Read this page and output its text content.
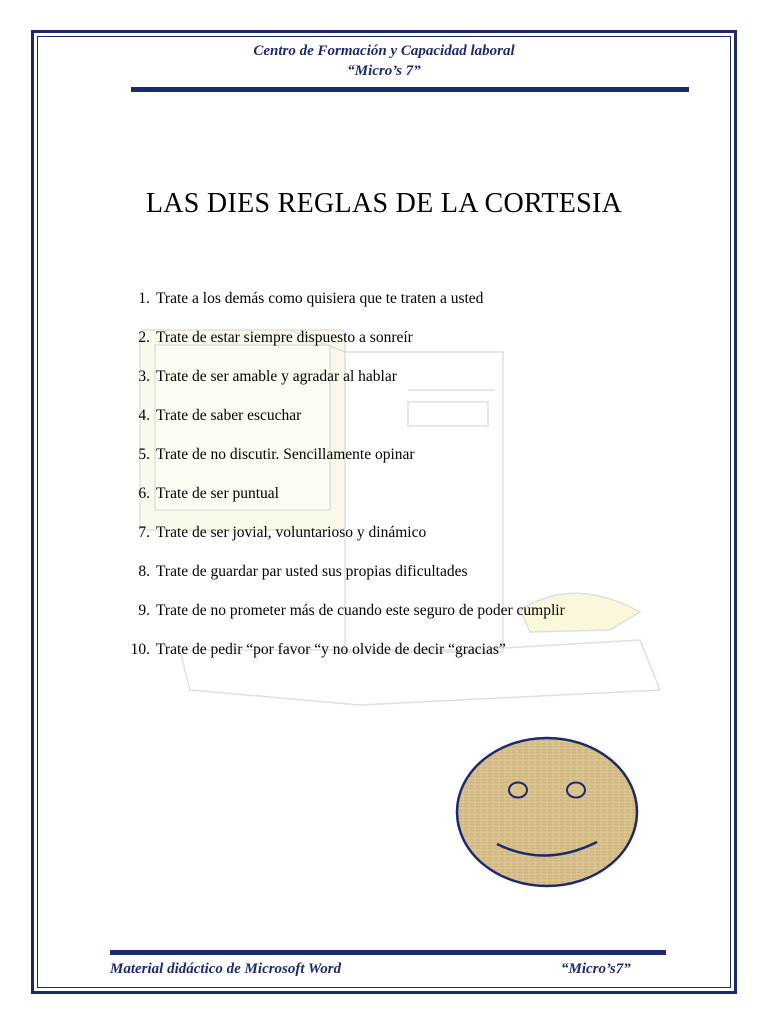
Centro de Formación y Capacidad laboral
“Micro’s 7”
LAS DIES REGLAS DE LA CORTESIA
1. Trate a los demás como quisiera que te traten a usted
2. Trate de estar siempre dispuesto a sonreír
3. Trate de ser amable y agradar al hablar
4. Trate de saber escuchar
5. Trate de no discutir. Sencillamente opinar
6. Trate de ser puntual
7. Trate de ser jovial, voluntarioso y dinámico
8. Trate de guardar par usted sus propias dificultades
9. Trate de no prometer más de cuando este seguro de poder cumplir
10. Trate de pedir “por favor “y no olvide de decir “gracias”
Material didáctico de Microsoft Word	“Micro’s7”
